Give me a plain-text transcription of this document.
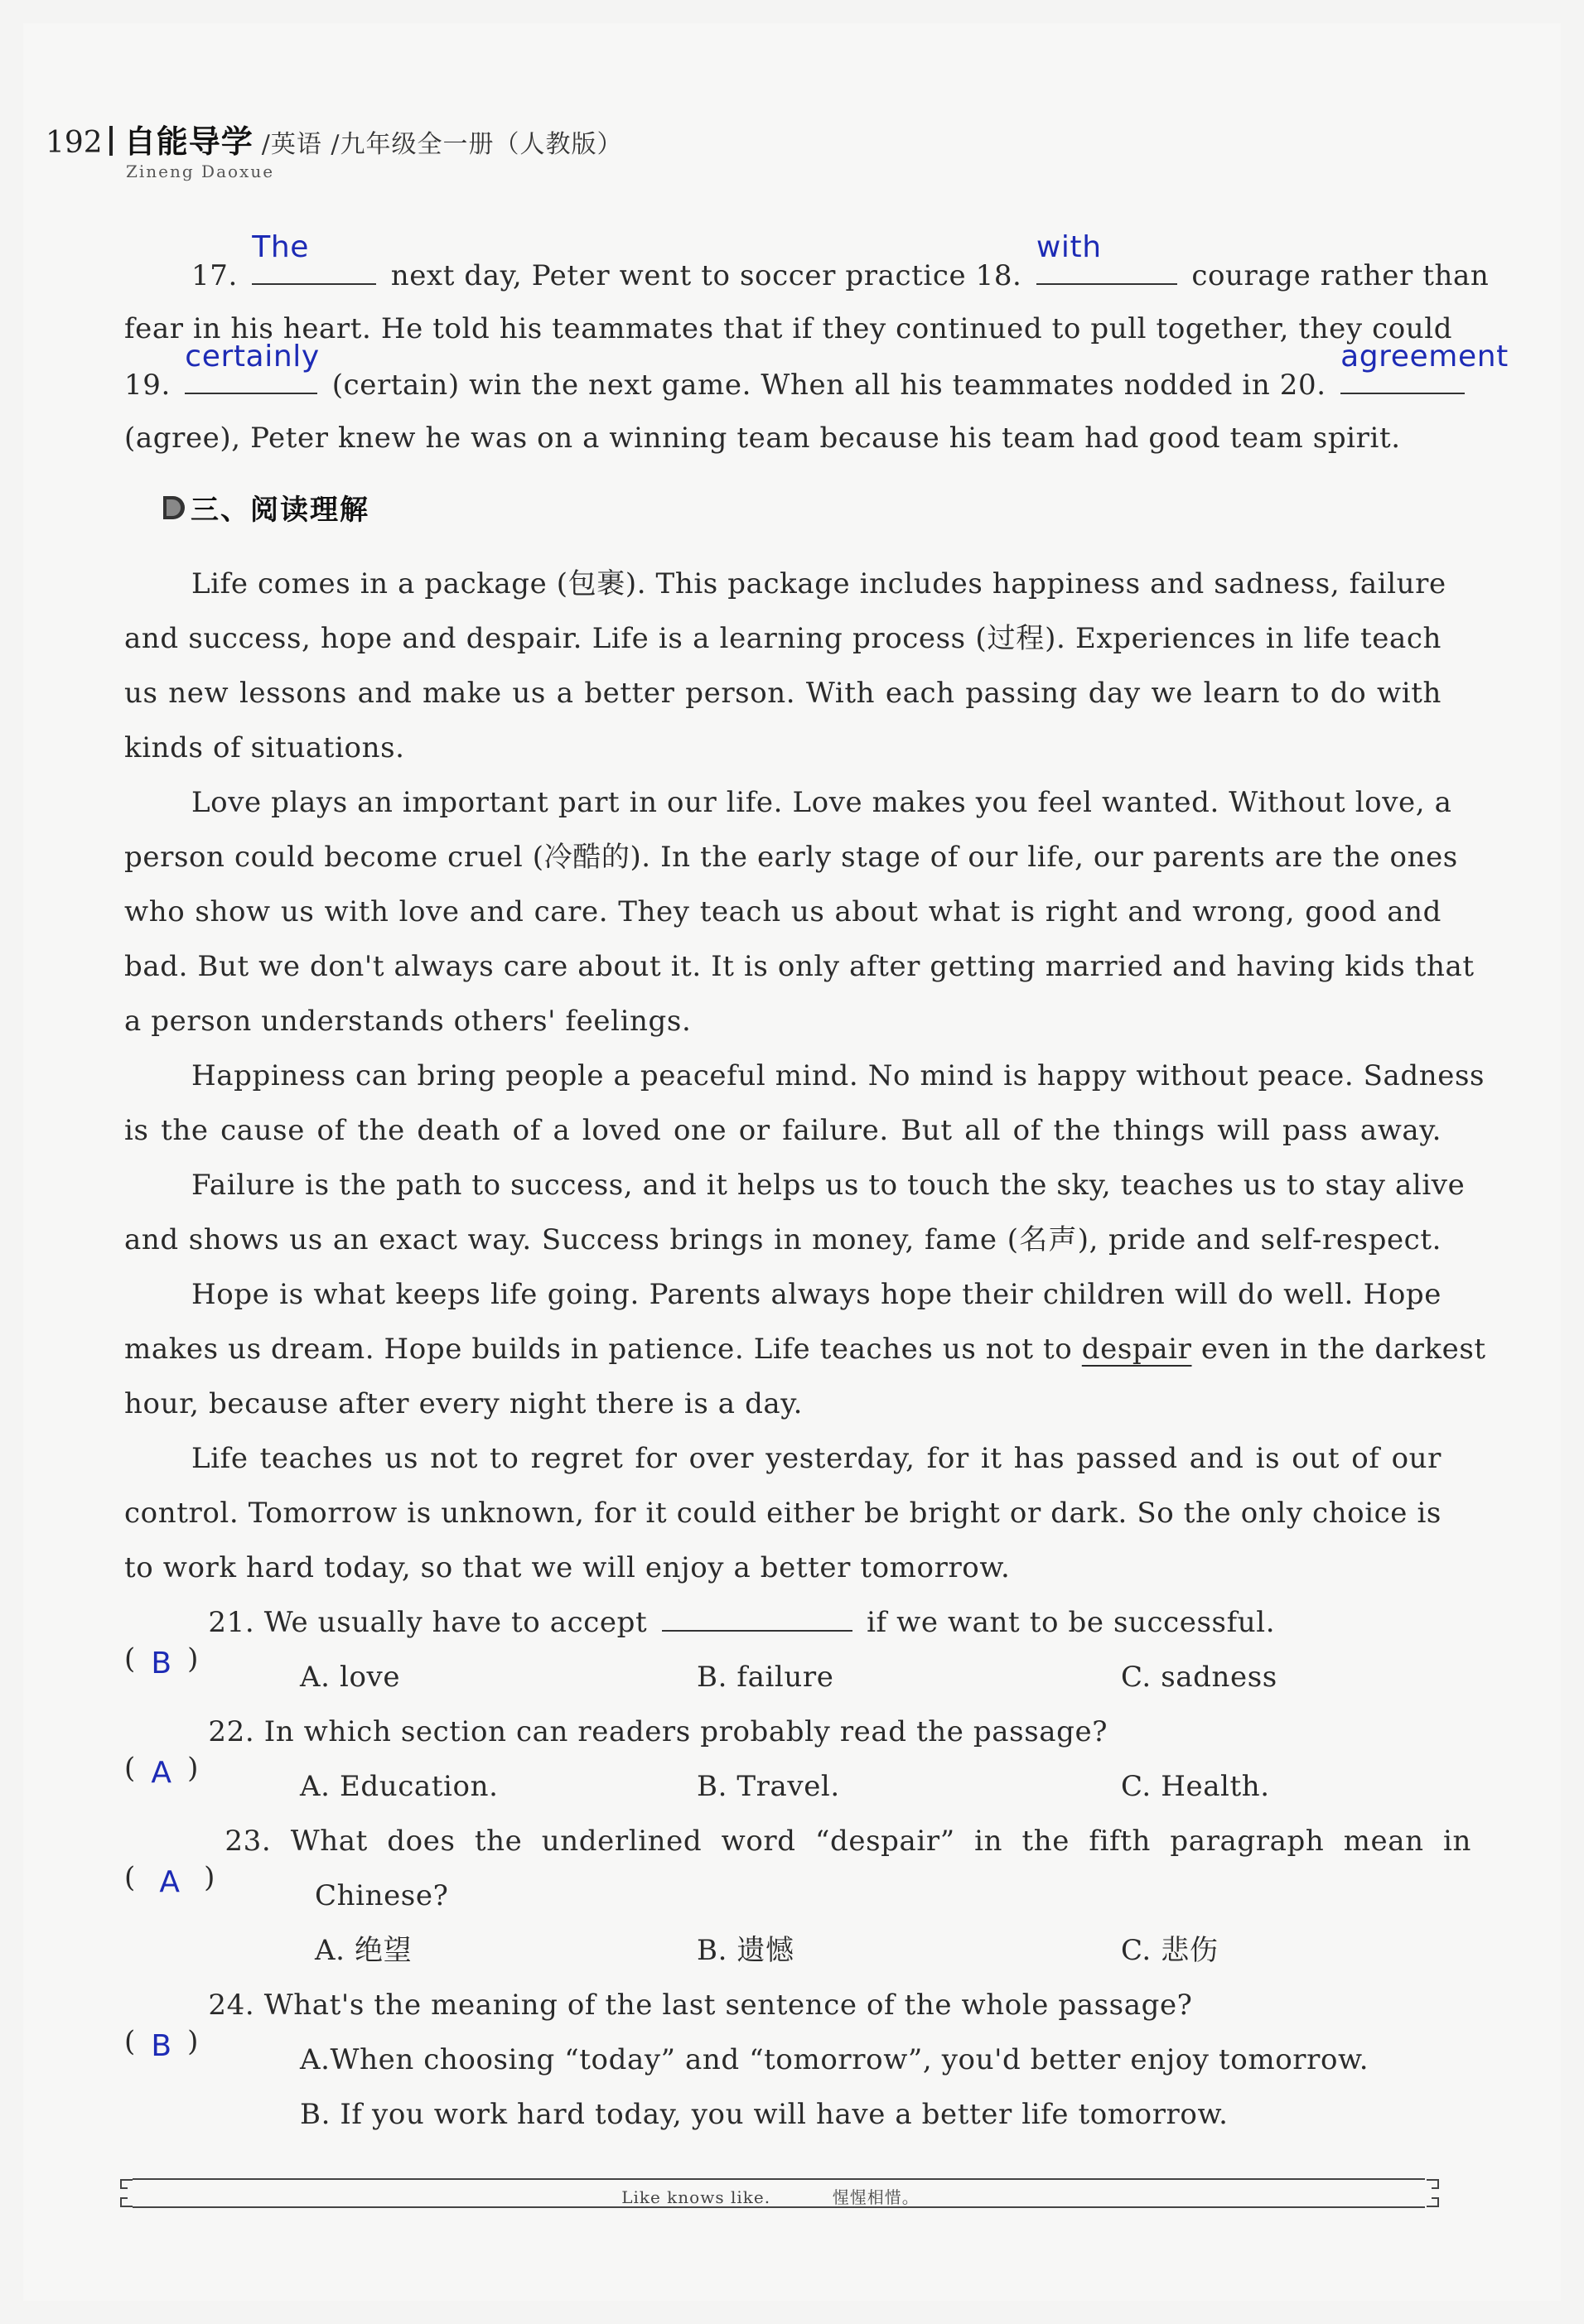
192 自能导学 /英语 /九年级全一册（人教版）
Zineng Daoxue
17.
The
next day, Peter went to soccer practice 18.
with
courage rather than
fear in his heart. He told his teammates that if they continued to pull together, they could
19.
certainly
(certain) win the next game. When all his teammates nodded in 20.
agreement
(agree), Peter knew he was on a winning team because his team had good team spirit.
三、阅读理解
Life comes in a package (包裹). This package includes happiness and sadness, failure
and success, hope and despair. Life is a learning process (过程). Experiences in life teach
us new lessons and make us a better person. With each passing day we learn to do with
kinds of situations.
Love plays an important part in our life. Love makes you feel wanted. Without love, a
person could become cruel (冷酷的). In the early stage of our life, our parents are the ones
who show us with love and care. They teach us about what is right and wrong, good and
bad. But we don't always care about it. It is only after getting married and having kids that
a person understands others' feelings.
Happiness can bring people a peaceful mind. No mind is happy without peace. Sadness
is the cause of the death of a loved one or failure. But all of the things will pass away.
Failure is the path to success, and it helps us to touch the sky, teaches us to stay alive
and shows us an exact way. Success brings in money, fame (名声), pride and self-respect.
Hope is what keeps life going. Parents always hope their children will do well. Hope
makes us dream. Hope builds in patience. Life teaches us not to despair even in the darkest
hour, because after every night there is a day.
Life teaches us not to regret for over yesterday, for it has passed and is out of our
control. Tomorrow is unknown, for it could either be bright or dark. So the only choice is
to work hard today, so that we will enjoy a better tomorrow.
( B )
21. We usually have to accept	if we want to be successful.
A. love	B. failure	C. sadness
( A )
22. In which section can readers probably read the passage?
A. Education.	B. Travel.	C. Health.
( A )
23. What does the underlined word “despair” in the fifth paragraph mean in
Chinese?
A. 绝望	B. 遗憾	C. 悲伤
( B )
24. What's the meaning of the last sentence of the whole passage?
A.When choosing “today” and “tomorrow”, you'd better enjoy tomorrow.
B. If you work hard today, you will have a better life tomorrow.
Like knows like.	惺惺相惜。
